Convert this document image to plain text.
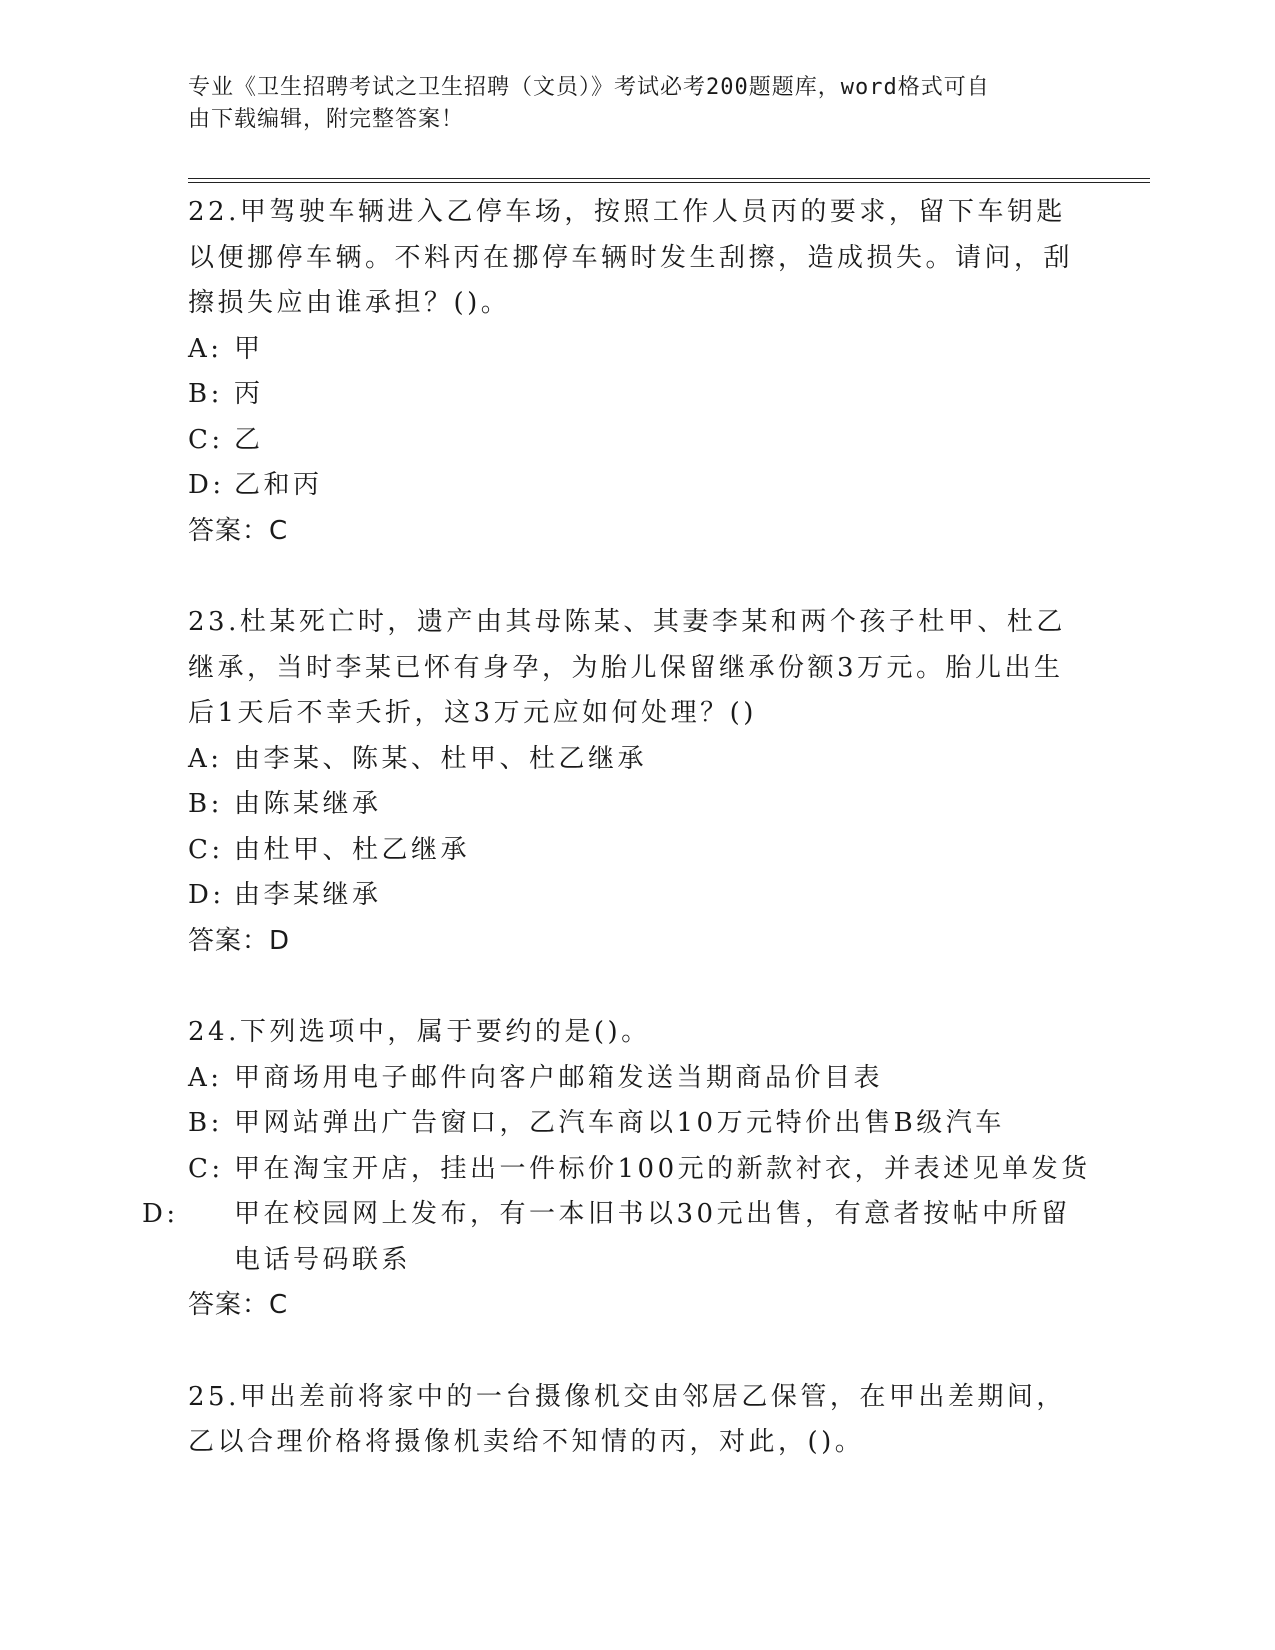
专业《卫生招聘考试之卫生招聘（文员）》考试必考200题题库，word格式可自
由下载编辑，附完整答案！

22.甲驾驶车辆进入乙停车场，按照工作人员丙的要求，留下车钥匙以便挪停车辆。不料丙在挪停车辆时发生刮擦，造成损失。请问，刮擦损失应由谁承担？()。

A: 甲

B: 丙

C: 乙

D: 乙和丙

答案：C

23.杜某死亡时，遗产由其母陈某、其妻李某和两个孩子杜甲、杜乙继承，当时李某已怀有身孕，为胎儿保留继承份额3万元。胎儿出生后1天后不幸夭折，这3万元应如何处理？()

A: 由李某、陈某、杜甲、杜乙继承

B: 由陈某继承

C: 由杜甲、杜乙继承

D: 由李某继承

答案：D

24.下列选项中，属于要约的是()。

A: 甲商场用电子邮件向客户邮箱发送当期商品价目表

B: 甲网站弹出广告窗口，乙汽车商以10万元特价出售B级汽车

C: 甲在淘宝开店，挂出一件标价100元的新款衬衣，并表述见单发货

D: 甲在校园网上发布，有一本旧书以30元出售，有意者按帖中所留电话号码联系

答案：C

25.甲出差前将家中的一台摄像机交由邻居乙保管，在甲出差期间，乙以合理价格将摄像机卖给不知情的丙，对此，()。
